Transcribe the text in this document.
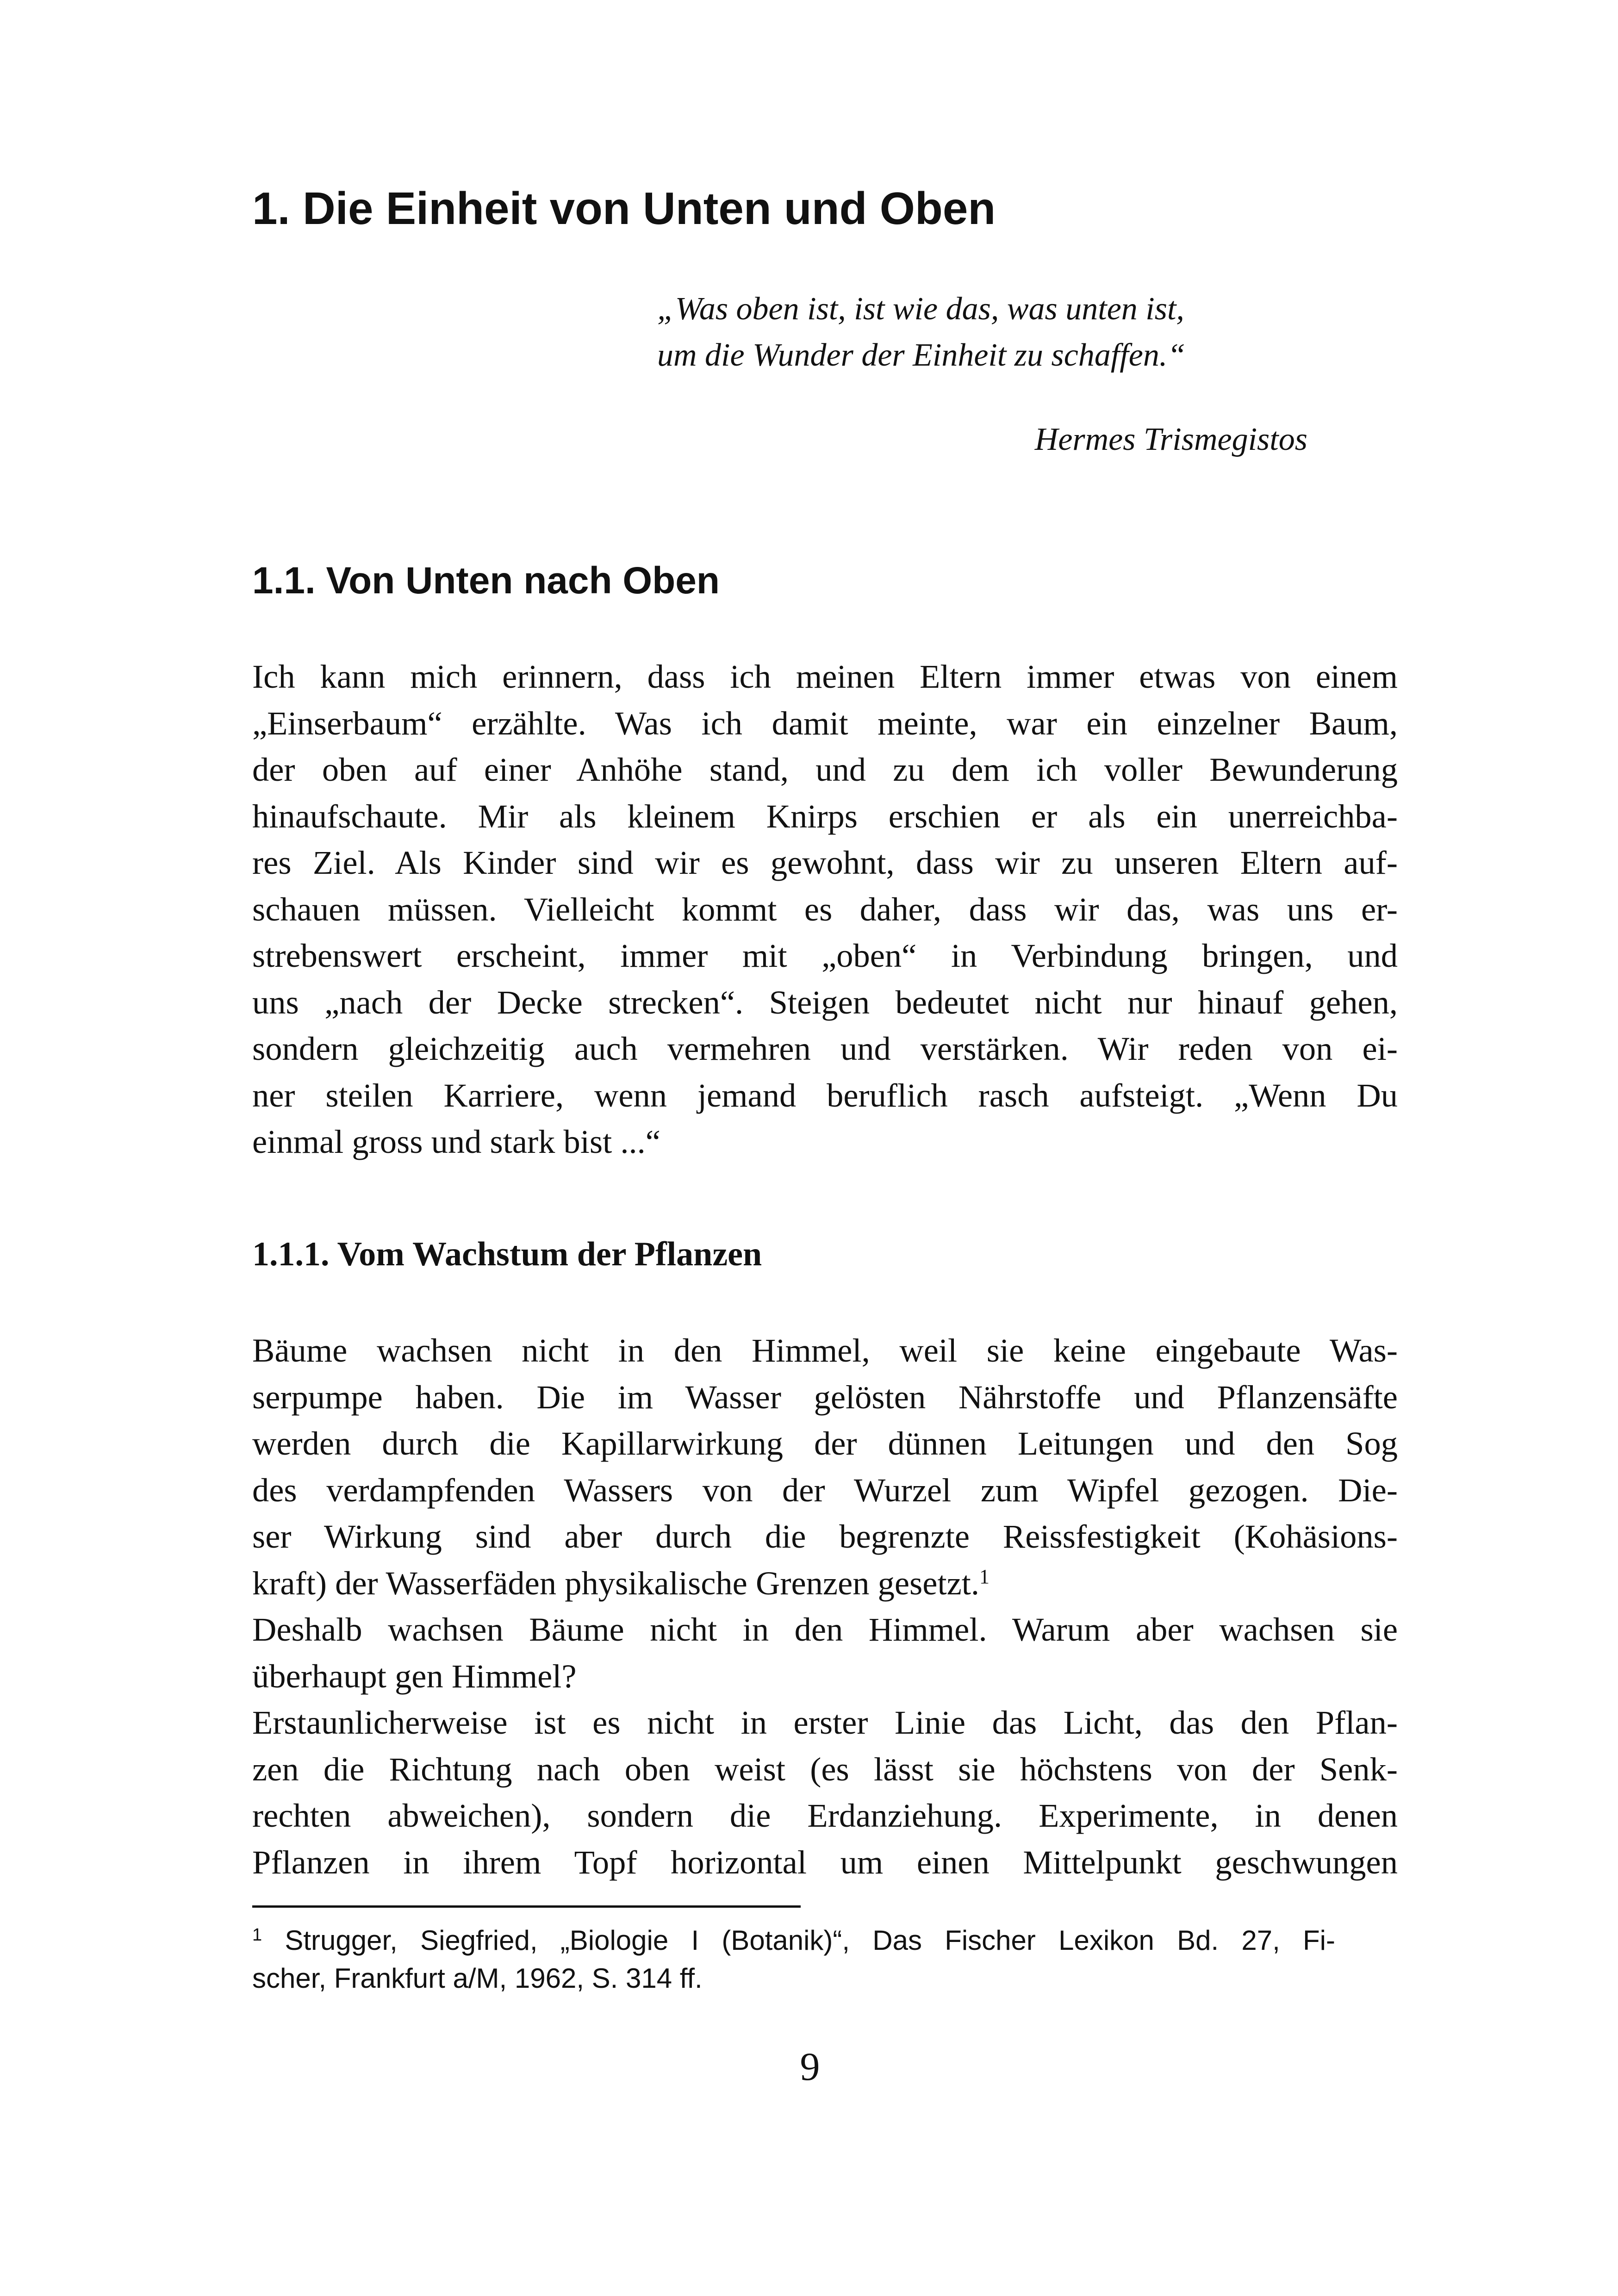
1. Die Einheit von Unten und Oben
„Was oben ist, ist wie das, was unten ist,
um die Wunder der Einheit zu schaffen.“
Hermes Trismegistos
1.1. Von Unten nach Oben
Ich kann mich erinnern, dass ich meinen Eltern immer etwas von einem
„Einserbaum“ erzählte. Was ich damit meinte, war ein einzelner Baum,
der oben auf einer Anhöhe stand, und zu dem ich voller Bewunderung
hinaufschaute. Mir als kleinem Knirps erschien er als ein unerreichba-
res Ziel. Als Kinder sind wir es gewohnt, dass wir zu unseren Eltern auf-
schauen müssen. Vielleicht kommt es daher, dass wir das, was uns er-
strebenswert erscheint, immer mit „oben“ in Verbindung bringen, und
uns „nach der Decke strecken“. Steigen bedeutet nicht nur hinauf gehen,
sondern gleichzeitig auch vermehren und verstärken. Wir reden von ei-
ner steilen Karriere, wenn jemand beruflich rasch aufsteigt. „Wenn Du
einmal gross und stark bist ...“
1.1.1. Vom Wachstum der Pflanzen
Bäume wachsen nicht in den Himmel, weil sie keine eingebaute Was-
serpumpe haben. Die im Wasser gelösten Nährstoffe und Pflanzensäfte
werden durch die Kapillarwirkung der dünnen Leitungen und den Sog
des verdampfenden Wassers von der Wurzel zum Wipfel gezogen. Die-
ser Wirkung sind aber durch die begrenzte Reissfestigkeit (Kohäsions-
kraft) der Wasserfäden physikalische Grenzen gesetzt.$^1$
Deshalb wachsen Bäume nicht in den Himmel. Warum aber wachsen sie
überhaupt gen Himmel?
Erstaunlicherweise ist es nicht in erster Linie das Licht, das den Pflan-
zen die Richtung nach oben weist (es lässt sie höchstens von der Senk-
rechten abweichen), sondern die Erdanziehung. Experimente, in denen
Pflanzen in ihrem Topf horizontal um einen Mittelpunkt geschwungen
$^1$ Strugger, Siegfried, „Biologie I (Botanik)“, Das Fischer Lexikon Bd. 27, Fi-
scher, Frankfurt a/M, 1962, S. 314 ff.
9
